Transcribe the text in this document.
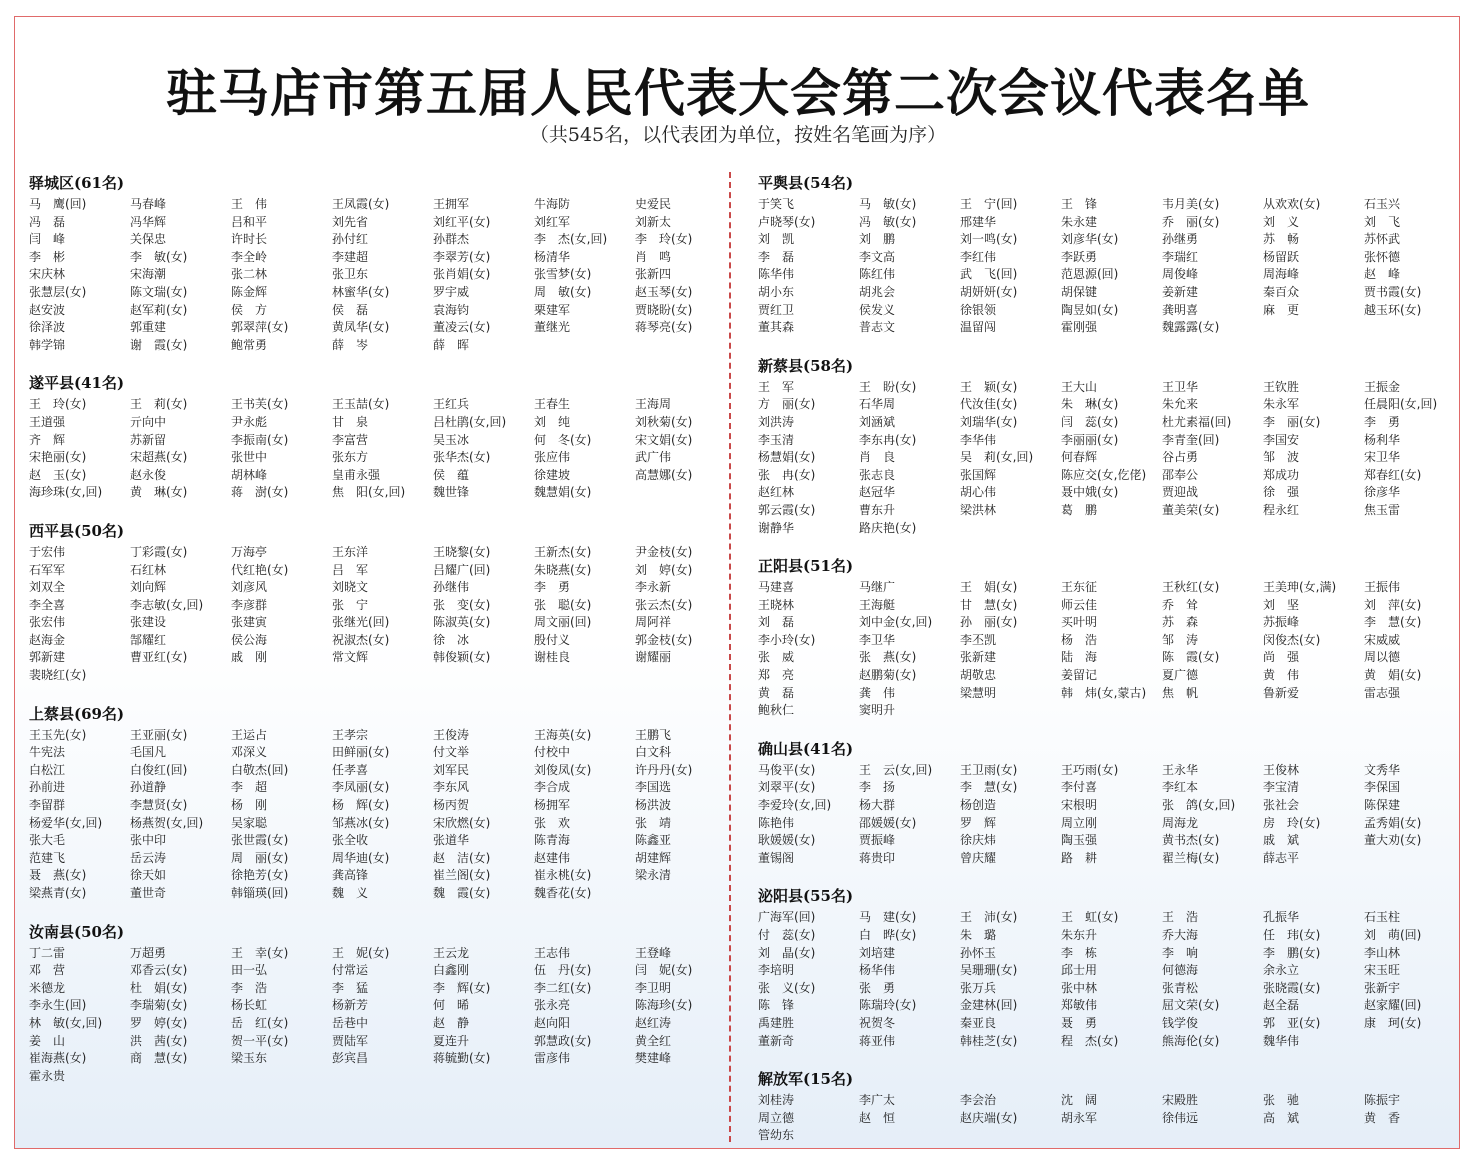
驻马店市第五届人民代表大会第二次会议代表名单
（共545名，以代表团为单位，按姓名笔画为序）
驿城区(61名)
马　鹰(回)	马春峰	王　伟	王凤霞(女)	王拥军	牛海防	史爱民
冯　磊	冯华辉	吕和平	刘先省	刘红平(女)	刘红军	刘新太
闫　峰	关保忠	许时长	孙付红	孙群杰	李　杰(女,回)	李　玲(女)
李　彬	李　敏(女)	李全岭	李建超	李翠芳(女)	杨清华	肖　鸣
宋庆林	宋海潮	张二林	张卫东	张肖娟(女)	张雪梦(女)	张新四
张慧层(女)	陈文瑞(女)	陈金辉	林蜜华(女)	罗宇威	周　敏(女)	赵玉琴(女)
赵安波	赵军莉(女)	侯　方	侯　磊	袁海钧	栗建军	贾晓盼(女)
徐泽波	郭重建	郭翠萍(女)	黄凤华(女)	董凌云(女)	董继光	蒋琴亮(女)
韩学锦	谢　霞(女)	鲍常勇	薛　岑	薛　晖
遂平县(41名)
王　玲(女)	王　莉(女)	王书芙(女)	王玉喆(女)	王红兵	王春生	王海周
王道强	亓向中	尹永彪	甘　泉	吕杜鹃(女,回)	刘　纯	刘秋菊(女)
齐　辉	苏新留	李振南(女)	李富营	吴玉冰	何　冬(女)	宋文娟(女)
宋艳丽(女)	宋超燕(女)	张世中	张东方	张华杰(女)	张应伟	武广伟
赵　玉(女)	赵永俊	胡林峰	皇甫永强	侯　蕴	徐建坡	高慧娜(女)
海珍珠(女,回)	黄　琳(女)	蒋　澍(女)	焦　阳(女,回)	魏世锋	魏慧娟(女)
西平县(50名)
于宏伟	丁彩霞(女)	万海亭	王东洋	王晓黎(女)	王新杰(女)	尹金枝(女)
石军军	石红林	代红艳(女)	吕　军	吕耀广(回)	朱晓燕(女)	刘　婷(女)
刘双全	刘向辉	刘彦风	刘晓文	孙继伟	李　勇	李永新
李全喜	李志敏(女,回)	李彦群	张　宁	张　变(女)	张　聪(女)	张云杰(女)
张宏伟	张建设	张建寅	张继光(回)	陈淑英(女)	周文丽(回)	周阿祥
赵海金	郜耀红	侯公海	祝淑杰(女)	徐　冰	殷付义	郭金枝(女)
郭新建	曹亚红(女)	戚　刚	常文辉	韩俊颖(女)	谢桂良	谢耀丽
裴晓红(女)
上蔡县(69名)
王玉先(女)	王亚丽(女)	王运占	王孝宗	王俊涛	王海英(女)	王鹏飞
牛宪法	毛国凡	邓深义	田鲜丽(女)	付文举	付校中	白文科
白松江	白俊红(回)	白敬杰(回)	任孝喜	刘军民	刘俊凤(女)	许丹丹(女)
孙前进	孙道静	李　超	李凤丽(女)	李东风	李合成	李国选
李留群	李慧贤(女)	杨　刚	杨　辉(女)	杨丙贺	杨拥军	杨洪波
杨爱华(女,回)	杨燕贺(女,回)	吴家聪	邹燕冰(女)	宋欣燃(女)	张　欢	张　靖
张大毛	张中印	张世霞(女)	张全收	张道华	陈青海	陈鑫亚
范建飞	岳云涛	周　丽(女)	周华迪(女)	赵　洁(女)	赵建伟	胡建辉
聂　燕(女)	徐天如	徐艳芳(女)	龚高锋	崔兰阁(女)	崔永桃(女)	梁永清
梁燕青(女)	董世奇	韩锱瑛(回)	魏　义	魏　霞(女)	魏香花(女)
汝南县(50名)
丁二雷	万超勇	王　幸(女)	王　妮(女)	王云龙	王志伟	王登峰
邓　营	邓香云(女)	田一弘	付常运	白鑫刚	伍　丹(女)	闫　妮(女)
米德龙	杜　娟(女)	李　浩	李　猛	李　辉(女)	李二红(女)	李卫明
李永生(回)	李瑞菊(女)	杨长虹	杨新芳	何　晞	张永亮	陈海珍(女)
林　敏(女,回)	罗　婷(女)	岳　红(女)	岳巷中	赵　静	赵向阳	赵红涛
姜　山	洪　茜(女)	贺一平(女)	贾陆军	夏连升	郭慧政(女)	黄全红
崔海燕(女)	商　慧(女)	梁玉东	彭宾昌	蒋毓勤(女)	雷彦伟	樊建峰
霍永贵
平舆县(54名)
于笑飞	马　敏(女)	王　宁(回)	王　锋	韦月美(女)	从欢欢(女)	石玉兴
卢晓琴(女)	冯　敏(女)	邢建华	朱永建	乔　丽(女)	刘　义	刘　飞
刘　凯	刘　鹏	刘一鸣(女)	刘彦华(女)	孙继勇	苏　畅	苏怀武
李　磊	李文高	李红伟	李跃勇	李瑞红	杨留跃	张怀德
陈华伟	陈红伟	武　飞(回)	范恩源(回)	周俊峰	周海峰	赵　峰
胡小东	胡兆会	胡妍妍(女)	胡保键	姜新建	秦百众	贾书霞(女)
贾红卫	侯发义	徐银领	陶昱如(女)	龚明喜	麻　更	越玉环(女)
董其森	普志文	温留闯	霍刚强	魏露露(女)
新蔡县(58名)
王　军	王　盼(女)	王　颖(女)	王大山	王卫华	王钦胜	王振金
方　丽(女)	石华周	代汝佳(女)	朱　琳(女)	朱允来	朱永军	任晨阳(女,回)
刘洪涛	刘涵斌	刘瑞华(女)	闫　蕊(女)	杜尤素福(回)	李　丽(女)	李　勇
李玉清	李东冉(女)	李华伟	李丽丽(女)	李青奎(回)	李国安	杨利华
杨慧娟(女)	肖　良	吴　莉(女,回)	何春辉	谷占勇	邹　波	宋卫华
张　冉(女)	张志良	张国辉	陈应交(女,仡佬)	邵奉公	郑成功	郑春红(女)
赵红林	赵冠华	胡心伟	聂中娥(女)	贾迎战	徐　强	徐彦华
郭云霞(女)	曹东升	梁洪林	葛　鹏	董美荣(女)	程永红	焦玉雷
谢静华	路庆艳(女)
正阳县(51名)
马建喜	马继广	王　娟(女)	王东征	王秋红(女)	王美珅(女,满)	王振伟
王晓林	王海艇	甘　慧(女)	师云佳	乔　耸	刘　坚	刘　萍(女)
刘　磊	刘中金(女,回)	孙　丽(女)	买叶明	苏　森	苏振峰	李　慧(女)
李小玲(女)	李卫华	李丕凯	杨　浩	邹　涛	闵俊杰(女)	宋威威
张　威	张　燕(女)	张新建	陆　海	陈　霞(女)	尚　强	周以德
郑　亮	赵鹏菊(女)	胡敬忠	姜留记	夏广德	黄　伟	黄　娟(女)
黄　磊	龚　伟	梁慧明	韩　炜(女,蒙古)	焦　帆	鲁新爱	雷志强
鲍秋仁	窦明升
确山县(41名)
马俊平(女)	王　云(女,回)	王卫雨(女)	王巧雨(女)	王永华	王俊林	文秀华
刘翠平(女)	李　扬	李　慧(女)	李付喜	李红本	李宝清	李保国
李爱玲(女,回)	杨大群	杨创造	宋根明	张　鸽(女,回)	张社会	陈保建
陈艳伟	邵媛媛(女)	罗　辉	周立刚	周海龙	房　玲(女)	孟秀娟(女)
耿媛媛(女)	贾振峰	徐庆炜	陶玉强	黄书杰(女)	戚　斌	董大劝(女)
董锡阁	蒋贵印	曾庆耀	路　耕	翟兰梅(女)	薛志平
泌阳县(55名)
广海军(回)	马　建(女)	王　沛(女)	王　虹(女)	王　浩	孔振华	石玉柱
付　蕊(女)	白　晔(女)	朱　璐	朱东升	乔大海	任　玮(女)	刘　萌(回)
刘　晶(女)	刘培建	孙怀玉	李　栋	李　响	李　鹏(女)	李山林
李培明	杨华伟	吴珊珊(女)	邱士用	何德海	余永立	宋玉旺
张　义(女)	张　勇	张万兵	张中林	张青松	张晓霞(女)	张新宇
陈　锋	陈瑞玲(女)	金建林(回)	郑敏伟	屈文荣(女)	赵全磊	赵家耀(回)
禹建胜	祝贺冬	秦亚良	聂　勇	钱学俊	郭　亚(女)	康　珂(女)
董新奇	蒋亚伟	韩桂芝(女)	程　杰(女)	熊海伦(女)	魏华伟
解放军(15名)
刘桂涛	李广太	李会治	沈　阔	宋殿胜	张　驰	陈振宇
周立德	赵　恒	赵庆端(女)	胡永军	徐伟远	高　斌	黄　香
管幼东
